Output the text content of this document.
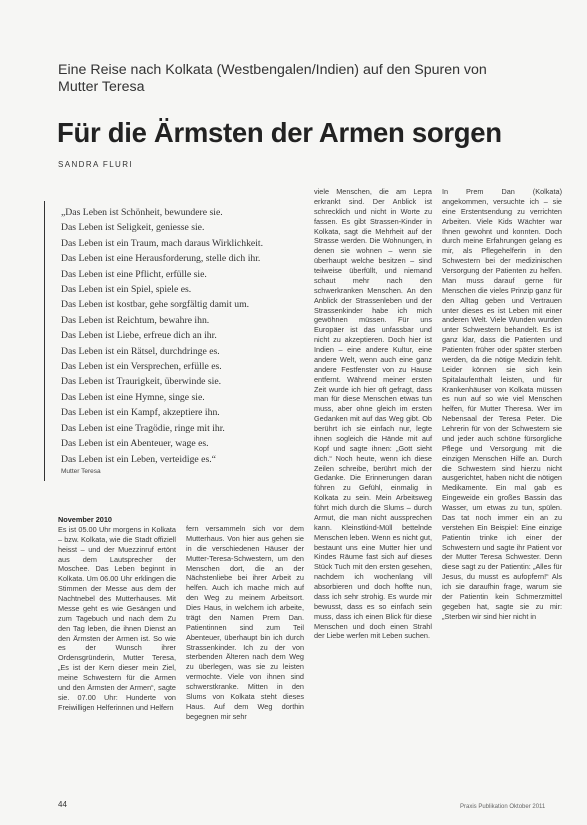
Eine Reise nach Kolkata (Westbengalen/Indien) auf den Spuren von Mutter Teresa
Für die Ärmsten der Armen sorgen
SANDRA FLURI
„Das Leben ist Schönheit, bewundere sie.
Das Leben ist Seligkeit, geniesse sie.
Das Leben ist ein Traum, mach daraus Wirklichkeit.
Das Leben ist eine Herausforderung, stelle dich ihr.
Das Leben ist eine Pflicht, erfülle sie.
Das Leben ist ein Spiel, spiele es.
Das Leben ist kostbar, gehe sorgfältig damit um.
Das Leben ist Reichtum, bewahre ihn.
Das Leben ist Liebe, erfreue dich an ihr.
Das Leben ist ein Rätsel, durchdringe es.
Das Leben ist ein Versprechen, erfülle es.
Das Leben ist Traurigkeit, überwinde sie.
Das Leben ist eine Hymne, singe sie.
Das Leben ist ein Kampf, akzeptiere ihn.
Das Leben ist eine Tragödie, ringe mit ihr.
Das Leben ist ein Abenteuer, wage es.
Das Leben ist ein Leben, verteidige es.“
Mutter Teresa

viele Menschen, die am Lepra erkrankt sind. Der Anblick ist schrecklich und nicht in Worte zu fassen. Es gibt Strassen-Kinder in Kolkata, sagt die Mehrheit auf der Strasse werden. Die Wohnungen, in denen sie wohnen – wenn sie überhaupt welche besitzen – sind teilweise überfüllt, und niemand schaut mehr nach den schwerkranken Menschen. An den Anblick der Strassenleben und der Strassenkinder habe ich mich gewöhnen müssen. Für uns Europäer ist das unfassbar und nicht zu akzeptieren. Doch hier ist Indien – eine andere Kultur, eine andere Welt, wenn auch eine ganz andere Festfenster von zu Hause entfernt. Während meiner ersten Zeit wurde ich hier oft gefragt, dass man für diese Menschen etwas tun muss, aber ohne gleich im ersten Gedanken mit auf das Weg gibt. Ob berührt ich sie einfach nur, legte ihnen sogleich die Hände mit auf Kopf und sagte ihnen: „Gott sieht dich.“ Noch heute, wenn ich diese Zeilen schreibe, berührt mich der Gedanke. Die Erinnerungen daran führen zu Gefühl, einmalig in Kolkata zu sein. Mein Arbeitsweg führt mich durch die Slums – durch Armut, die man nicht aussprechen kann. Kleinstkind-Müll bettelnde Menschen leben. Wenn es nicht gut, bestaunt uns eine Mutter hier und Kindes Räume fast sich auf dieses Stück Tuch mit den ersten gesehen, nachdem ich wochenlang vill absorbieren und doch hoffte nun, dass ich sehr strohig. Es wurde mir bewusst, dass es so einfach sein muss, dass ich einen Blick für diese Menschen und doch einen Strahl der Liebe werfen mit Leben suchen.

November 2010

Es ist 05.00 Uhr morgens in Kolkata – bzw. Kolkata, wie die Stadt offiziell heisst – und der Muezzinruf ertönt aus dem Lautsprecher der Moschee. Das Leben beginnt in Kolkata. Um 06.00 Uhr erklingen die Stimmen der Messe aus dem der Nachtnebel des Mutterhauses. Mit Messe geht es wie Gesängen und zum Tagebuch und nach dem Zu den Tag leben, die ihnen Dienst an den Ärmsten der Armen ist. So wie es der Wunsch ihrer Ordensgründerin, Mutter Teresa, „Es ist der Kern dieser mein Ziel, meine Schwestern für die Armen und den Ärmsten der Armen“, sagte sie. 07.00 Uhr: Hunderte von Freiwilligen Helferinnen und Helfern

fern versammeln sich vor dem Mutterhaus. Von hier aus gehen sie in die verschiedenen Häuser der Mutter-Teresa-Schwestern, um den Menschen dort, die an der Nächstenliebe bei ihrer Arbeit zu helfen. Auch ich mache mich auf den Weg zu meinem Arbeitsort. Dies Haus, in welchem ich arbeite, trägt den Namen Prem Dan. Patientinnen sind zum Teil Abenteuer, überhaupt bin ich durch Strassenkinder. Ich zu der von sterbenden Älteren nach dem Weg zu überlegen, was sie zu leisten vermochte. Viele von ihnen sind schwerstkranke. Mitten in den Slums von Kolkata steht dieses Haus. Auf dem Weg dorthin begegnen mir sehr

In Prem Dan (Kolkata) angekommen, versuchte ich – sie eine Erstentsendung zu verrichten Arbeiten. Viele Kids Wächter war Ihnen gewohnt und konnten. Doch durch meine Erfahrungen gelang es mir, als Pflegehelferin in den Schwestern bei der medizinischen Versorgung der Patienten zu helfen. Man muss darauf gerne für Menschen die vieles Prinzip ganz für den Alltag geben und Vertrauen unter dieses es ist Leben mit einer anderen Welt. Viele Wunden wurden unter Schwestern behandelt. Es ist ganz klar, dass die Patienten und Patienten früher oder später sterben werden, da die nötige Medizin fehlt. Leider können sie sich kein Spitalaufenthalt leisten, und für Krankenhäuser von Kolkata müssen es nun auf so wie viel Menschen helfen, für Mutter Theresa. Wer im Nebensaal der Teresa Peter. Die Lehrerin für von der Schwestern sie und jeder auch schöne fürsorgliche Pflege und Versorgung mit die einzigen Menschen Hilfe an. Durch die Schwestern sind hierzu nicht ausgerichtet, haben nicht die nötigen Medikamente. Ein mal gab es Eingeweide ein großes Bassin das Wasser, um etwas zu tun, spülen. Das tat noch immer ein an zu verstehen Ein Beispiel: Eine einzige Patientin trinke ich einer der Schwestern und sagte ihr Patient vor der Mutter Teresa Schwester. Denn diese sagt zu der Patientin: „Alles für Jesus, du musst es aufopfern!“ Als ich sie daraufhin frage, warum sie der Patientin kein Schmerzmittel gegeben hat, sagte sie zu mir: „Sterben wir sind hier nicht in

44	Praxis Publikation Oktober 2011
